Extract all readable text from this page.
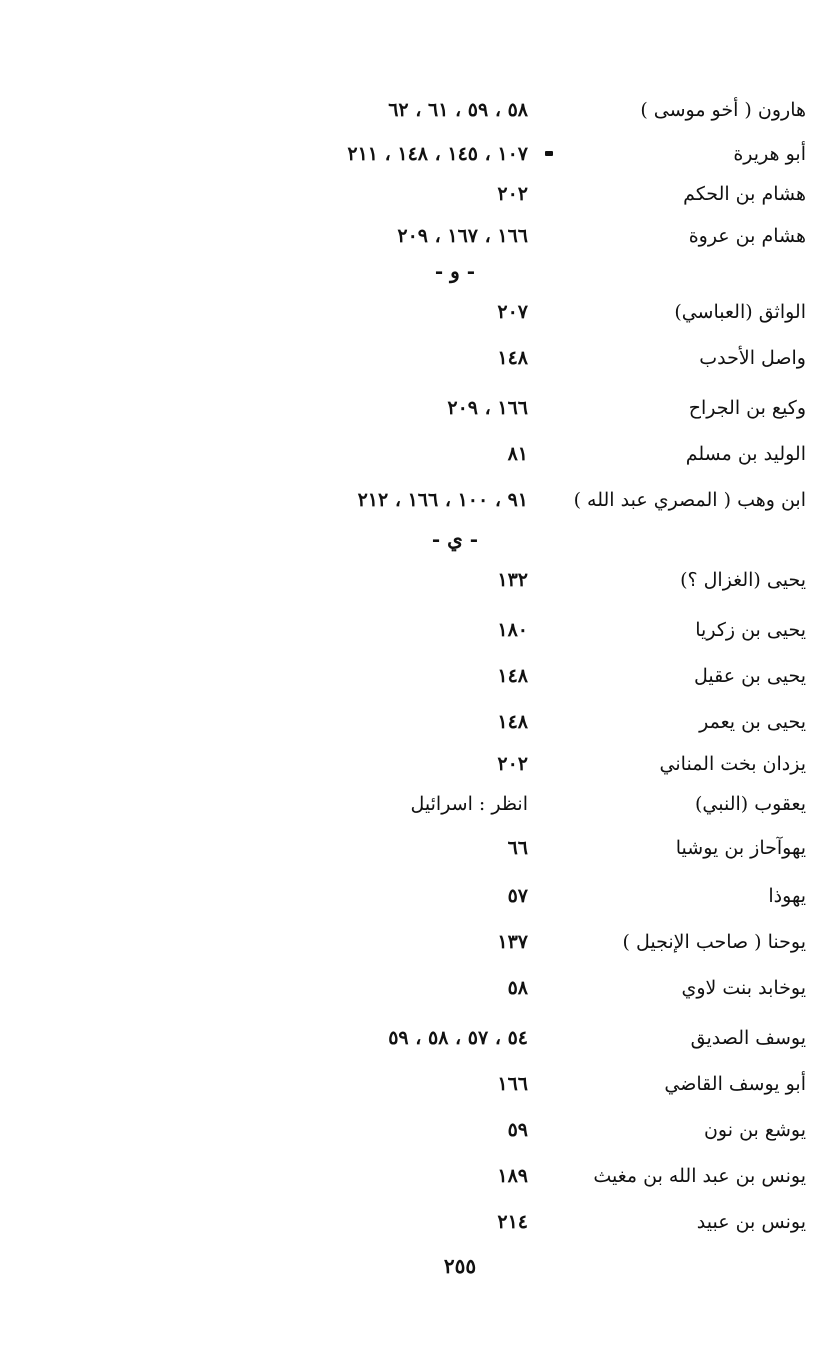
هارون ( أخو موسى )
٥٨ ، ٥٩ ، ٦١ ، ٦٢
أبو هريرة
١٠٧ ، ١٤٥ ، ١٤٨ ، ٢١١
هشام بن الحكم
٢٠٢
هشام بن عروة
١٦٦ ، ١٦٧ ، ٢٠٩
- و -
الواثق (العباسي)
٢٠٧
واصل الأحدب
١٤٨
وكيع بن الجراح
١٦٦ ، ٢٠٩
الوليد بن مسلم
٨١
ابن وهب ( المصري عبد الله )
٩١ ، ١٠٠ ، ١٦٦ ، ٢١٢
- ي -
يحيى (الغزال ؟)
١٣٢
يحيى بن زكريا
١٨٠
يحيى بن عقيل
١٤٨
يحيى بن يعمر
١٤٨
يزدان بخت المناني
٢٠٢
يعقوب (النبي)
انظر : اسرائيل
يهوآحاز بن يوشيا
٦٦
يهوذا
٥٧
يوحنا ( صاحب الإنجيل )
١٣٧
يوخابد بنت لاوي
٥٨
يوسف الصديق
٥٤ ، ٥٧ ، ٥٨ ، ٥٩
أبو يوسف القاضي
١٦٦
يوشع بن نون
٥٩
يونس بن عبد الله بن مغيث
١٨٩
يونس بن عبيد
٢١٤
٢٥٥
